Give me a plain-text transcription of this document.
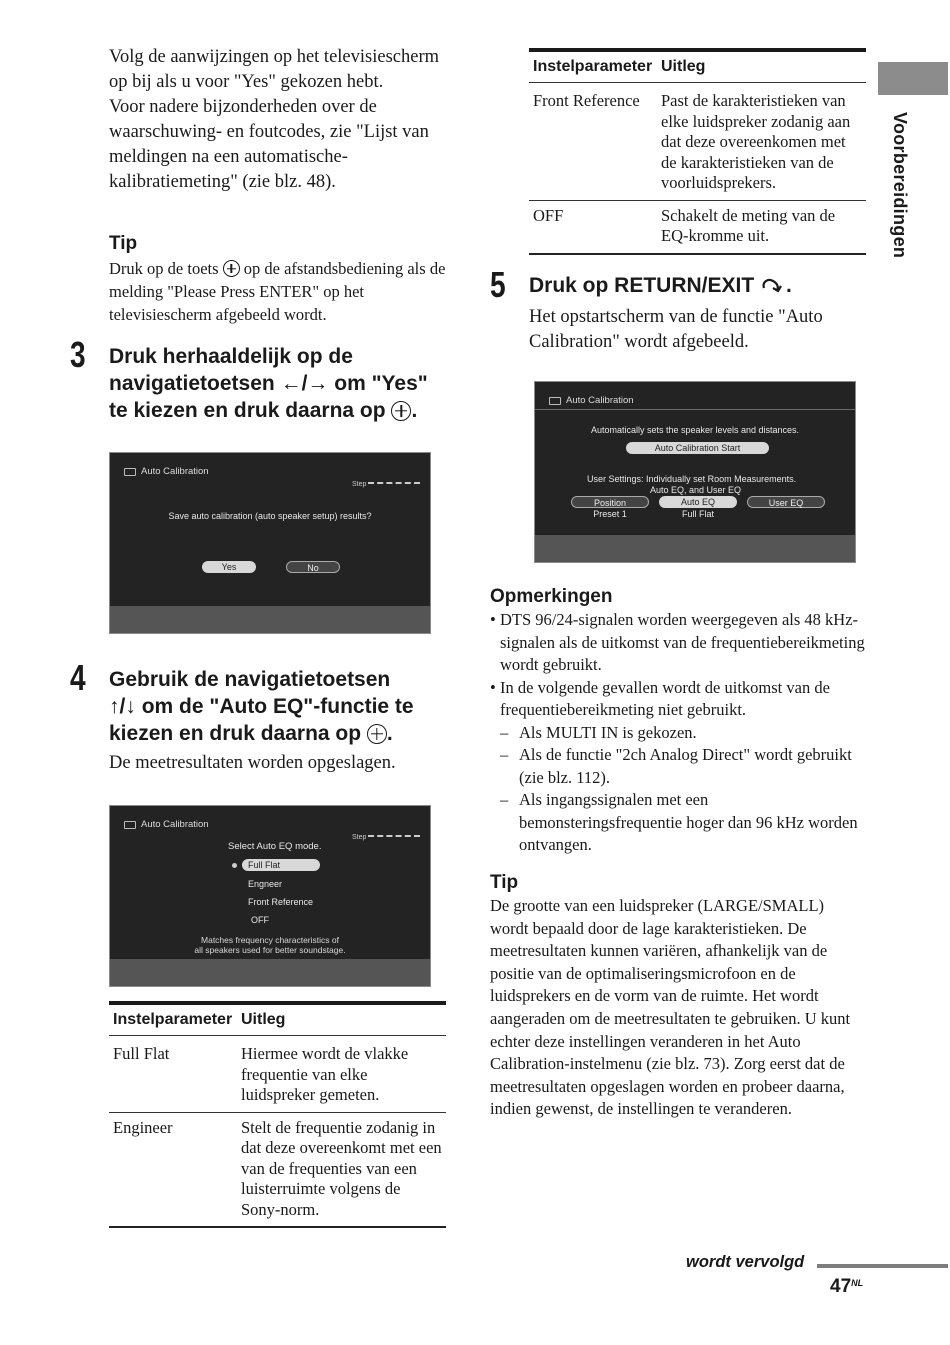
Volg de aanwijzingen op het televisiescherm op bij als u voor "Yes" gekozen hebt.

Voor nadere bijzonderheden over de waarschuwing- en foutcodes, zie "Lijst van meldingen na een automatische-kalibratiemeting" (zie blz. 48).

Tip

Druk op de toets op de afstandsbediening als de melding "Please Press ENTER" op het televisiescherm afgebeeld wordt.

3 Druk herhaaldelijk op de

navigatietoetsen ←/→ om "Yes"

te kiezen en druk daarna op .

Auto Calibration
Step
Save auto calibration (auto speaker setup) results?
Yes	No
4 Gebruik de navigatietoetsen

↑/↓ om de "Auto EQ"-functie te

kiezen en druk daarna op .

De meetresultaten worden opgeslagen.

Auto Calibration
Step
Select Auto EQ mode.
Full Flat
Engneer
Front Reference
OFF
Matches frequency characteristics of
all speakers used for better soundstage.
Instelparameter	Uitleg
Full Flat	Hiermee wordt de vlakke frequentie van elke luidspreker gemeten.
Engineer	Stelt de frequentie zodanig in dat deze overeenkomt met een van de frequenties van een luisterruimte volgens de Sony-norm.
Instelparameter	Uitleg
Front Reference	Past de karakteristieken van elke luidspreker zodanig aan dat deze overeenkomen met de karakteristieken van de voorluidsprekers.
OFF	Schakelt de meting van de EQ-kromme uit.
5 Druk op RETURN/EXIT .

Het opstartscherm van de functie "Auto Calibration" wordt afgebeeld.

Auto Calibration
Automatically sets the speaker levels and distances.
Auto Calibration Start
User Settings: Individually set Room Measurements.
Auto EQ, and User EQ
Position	Auto EQ	User EQ
Preset 1	Full Flat

Opmerkingen

• DTS 96/24-signalen worden weergegeven als 48 kHz-signalen als de uitkomst van de frequentiebereikmeting wordt gebruikt.
• In de volgende gevallen wordt de uitkomst van de frequentiebereikmeting niet gebruikt.
– Als MULTI IN is gekozen.
– Als de functie "2ch Analog Direct" wordt gebruikt (zie blz. 112).
– Als ingangssignalen met een bemonsteringsfrequentie hoger dan 96 kHz worden ontvangen.

Tip

De grootte van een luidspreker (LARGE/SMALL) wordt bepaald door de lage karakteristieken. De meetresultaten kunnen variëren, afhankelijk van de positie van de optimaliseringsmicrofoon en de luidsprekers en de vorm van de ruimte. Het wordt aangeraden om de meetresultaten te gebruiken. U kunt echter deze instellingen veranderen in het Auto Calibration-instelmenu (zie blz. 73). Zorg eerst dat de meetresultaten opgeslagen worden en probeer daarna, indien gewenst, de instellingen te veranderen.

Voorbereidingen
wordt vervolgd
$47^{NL}$
